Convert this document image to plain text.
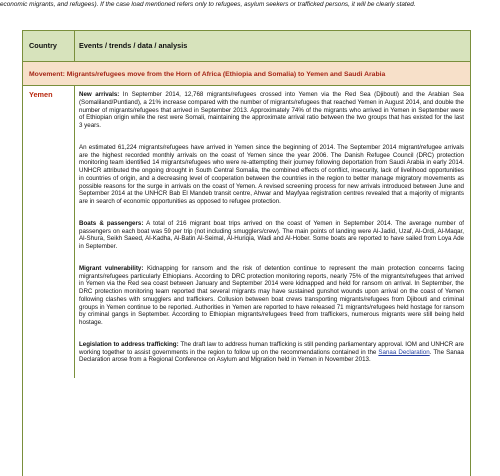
economic migrants, and refugees). If the case load mentioned refers only to refugees, asylum seekers or trafficked persons, it will be clearly stated.
Country	Events / trends / data / analysis
Movement: Migrants/refugees move from the Horn of Africa (Ethiopia and Somalia) to Yemen and Saudi Arabia
Yemen	New arrivals: In September 2014, 12,768 migrants/refugees crossed into Yemen via the Red Sea (Djibouti) and the Arabian Sea (Somaliland/Puntland), a 21% increase compared with the number of migrants/refugees that reached Yemen in August 2014, and double the number of migrants/refugees that arrived in September 2013. Approximately 74% of the migrants who arrived in Yemen in September were of Ethiopian origin while the rest were Somali, maintaining the approximate arrival ratio between the two groups that has existed for the last 3 years.

An estimated 61,224 migrants/refugees have arrived in Yemen since the beginning of 2014. The September 2014 migrant/refugee arrivals are the highest recorded monthly arrivals on the coast of Yemen since the year 2006. The Danish Refugee Council (DRC) protection monitoring team identified 14 migrants/refugees who were re-attempting their journey following deportation from Saudi Arabia in early 2014. UNHCR attributed the ongoing drought in South Central Somalia, the combined effects of conflict, insecurity, lack of livelihood opportunities in countries of origin, and a decreasing level of cooperation between the countries in the region to better manage migratory movements as possible reasons for the surge in arrivals on the coast of Yemen. A revised screening process for new arrivals introduced between June and September 2014 at the UNHCR Bab El Mandeb transit centre, Ahwar and Mayfyaa registration centres revealed that a majority of migrants are in search of economic opportunities as opposed to refugee protection.

Boats & passengers: A total of 216 migrant boat trips arrived on the coast of Yemen in September 2014. The average number of passengers on each boat was 59 per trip (not including smugglers/crew). The main points of landing were Al-Jadid, Uzaf, Al-Ordi, Al-Maqar, Al-Shura, Seikh Saeed, Al-Kadha, Al-Batin Al-Seimal, Al-Huriqia, Wadi and Al-Hober. Some boats are reported to have sailed from Loya Ade in September.

Migrant vulnerability: Kidnapping for ransom and the risk of detention continue to represent the main protection concerns facing migrants/refugees particularly Ethiopians. According to DRC protection monitoring reports, nearly 75% of the migrants/refugees that arrived in Yemen via the Red sea coast between January and September 2014 were kidnapped and held for ransom on arrival. In September, the DRC protection monitoring team reported that several migrants may have sustained gunshot wounds upon arrival on the coast of Yemen following clashes with smugglers and traffickers. Collusion between boat crews transporting migrants/refugees from Djibouti and criminal groups in Yemen continue to be reported. Authorities in Yemen are reported to have released 71 migrants/refugees held hostage for ransom by criminal gangs in September. According to Ethiopian migrants/refugees freed from traffickers, numerous migrants were still being held hostage.

Legislation to address trafficking: The draft law to address human trafficking is still pending parliamentary approval. IOM and UNHCR are working together to assist governments in the region to follow up on the recommendations contained in the Sanaa Declaration. The Sanaa Declaration arose from a Regional Conference on Asylum and Migration held in Yemen in November 2013.
